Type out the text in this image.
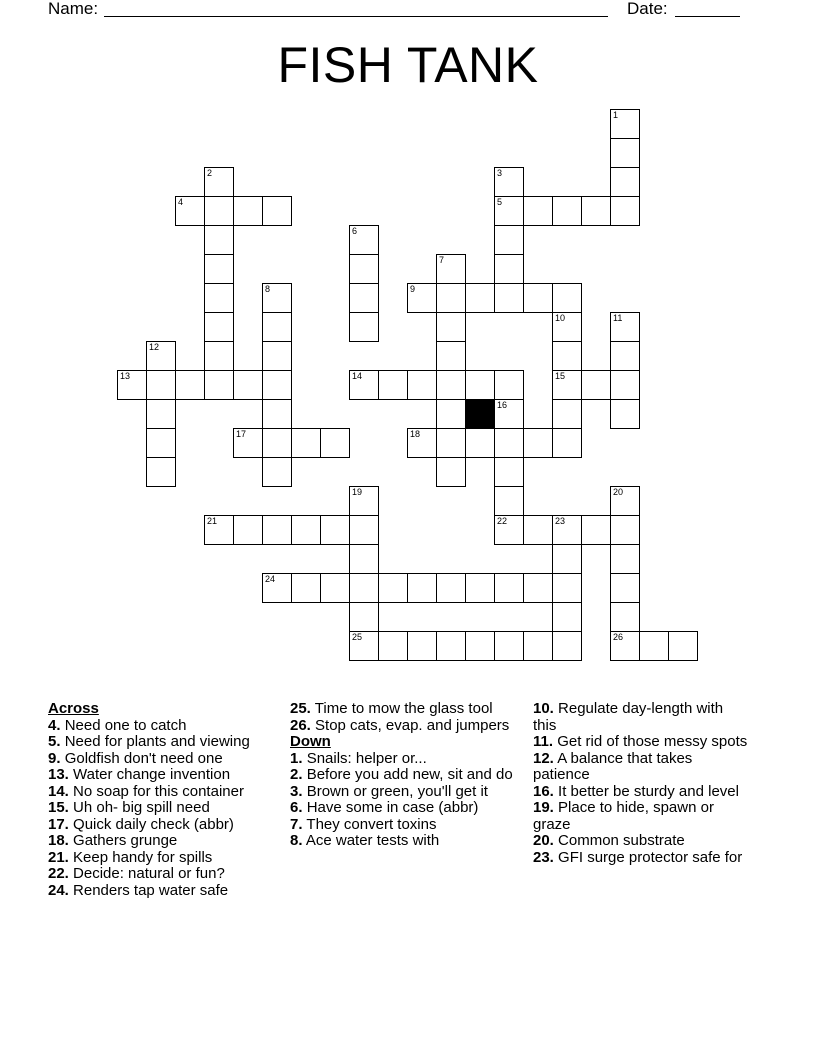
Name:	Date:
FISH TANK
1
2	3
5
4
6
7
8	9
10
15
11
12
13	14
16
17	18
19
25
20
21	22	23
24
26
Across
4. Need one to catch
5. Need for plants and viewing
9. Goldfish don't need one
13. Water change invention
14. No soap for this container
15. Uh oh- big spill need
17. Quick daily check (abbr)
18. Gathers grunge
21. Keep handy for spills
22. Decide: natural or fun?
24. Renders tap water safe
25. Time to mow the glass tool
26. Stop cats, evap. and jumpers
Down
1. Snails: helper or...
2. Before you add new, sit and do
3. Brown or green, you'll get it
6. Have some in case (abbr)
7. They convert toxins
8. Ace water tests with
10. Regulate day-length with this
11. Get rid of those messy spots
12. A balance that takes patience
16. It better be sturdy and level
19. Place to hide, spawn or graze
20. Common substrate
23. GFI surge protector safe for
